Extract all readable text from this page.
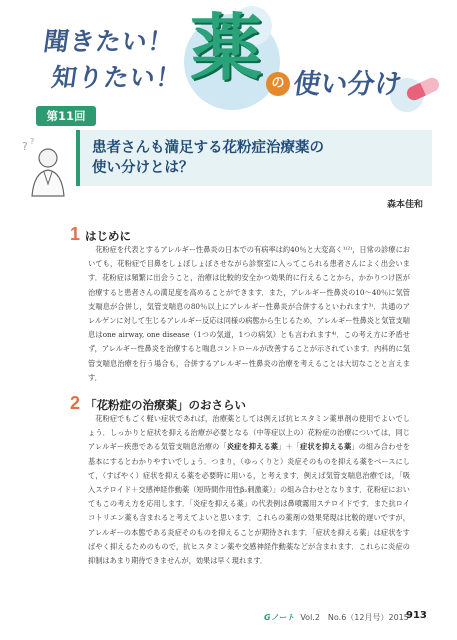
聞きたい！
知りたい！ 薬 の 使い分け
第11回
? ?	患者さんも満足する花粉症治療薬の
使い分けとは？
森本佳和
1 はじめに

花粉症を代表とするアレルギー性鼻炎の日本での有病率は約40％と大変高く¹⁾²⁾，日常の診療においても，花粉症で目鼻をしょぼしょぼさせながら診察室に入ってこられる患者さんによく出会います．花粉症は頻繁に出会うこと，治療は比較的安全かつ効果的に行えることから，かかりつけ医が治療すると患者さんの満足度を高めることができます．また，アレルギー性鼻炎の10～40％に気管支喘息が合併し，気管支喘息の80％以上にアレルギー性鼻炎が合併するといわれます³⁾．共通のアレルゲンに対して生じるアレルギー反応は同様の病態から生じるため，アレルギー性鼻炎と気管支喘息はone airway, one disease（1つの気道，1つの病気）とも言われます⁴⁾．この考え方に矛盾せず，アレルギー性鼻炎を治療すると喘息コントロールが改善することが示されています．内科的に気管支喘息治療を行う場合も，合併するアレルギー性鼻炎の治療を考えることは大切なことと言えます．

2 「花粉症の治療薬」のおさらい

花粉症でもごく軽い症状であれば，治療薬としては例えば抗ヒスタミン薬単剤の使用でよいでしょう．しっかりと症状を抑える治療が必要となる（中等症以上の）花粉症の治療については，同じアレルギー疾患である気管支喘息治療の「炎症を抑える薬」＋「症状を抑える薬」の組み合わせを基本にするとわかりやすいでしょう．つまり，（ゆっくりと）炎症そのものを抑える薬をベースにして，（すばやく）症状を抑える薬を必要時に用いる，と考えます．例えば気管支喘息治療では，「吸入ステロイド＋交感神経作動薬（短時間作用性β₂刺激薬）」の組み合わせとなります．花粉症においてもこの考え方を応用します．「炎症を抑える薬」の代表例は鼻噴霧用ステロイドです．また抗ロイコトリエン薬も含まれると考えてよいと思います．これらの薬剤の効果発現は比較的遅いですが，アレルギーの本態である炎症そのものを抑えることが期待されます．「症状を抑える薬」は症状をすばやく抑えるためのもので，抗ヒスタミン薬や交感神経作動薬などが含まれます．これらに炎症の抑制はあまり期待できませんが，効果は早く現れます．

Gノート Vol.2　No.6（12月号）2015
913
